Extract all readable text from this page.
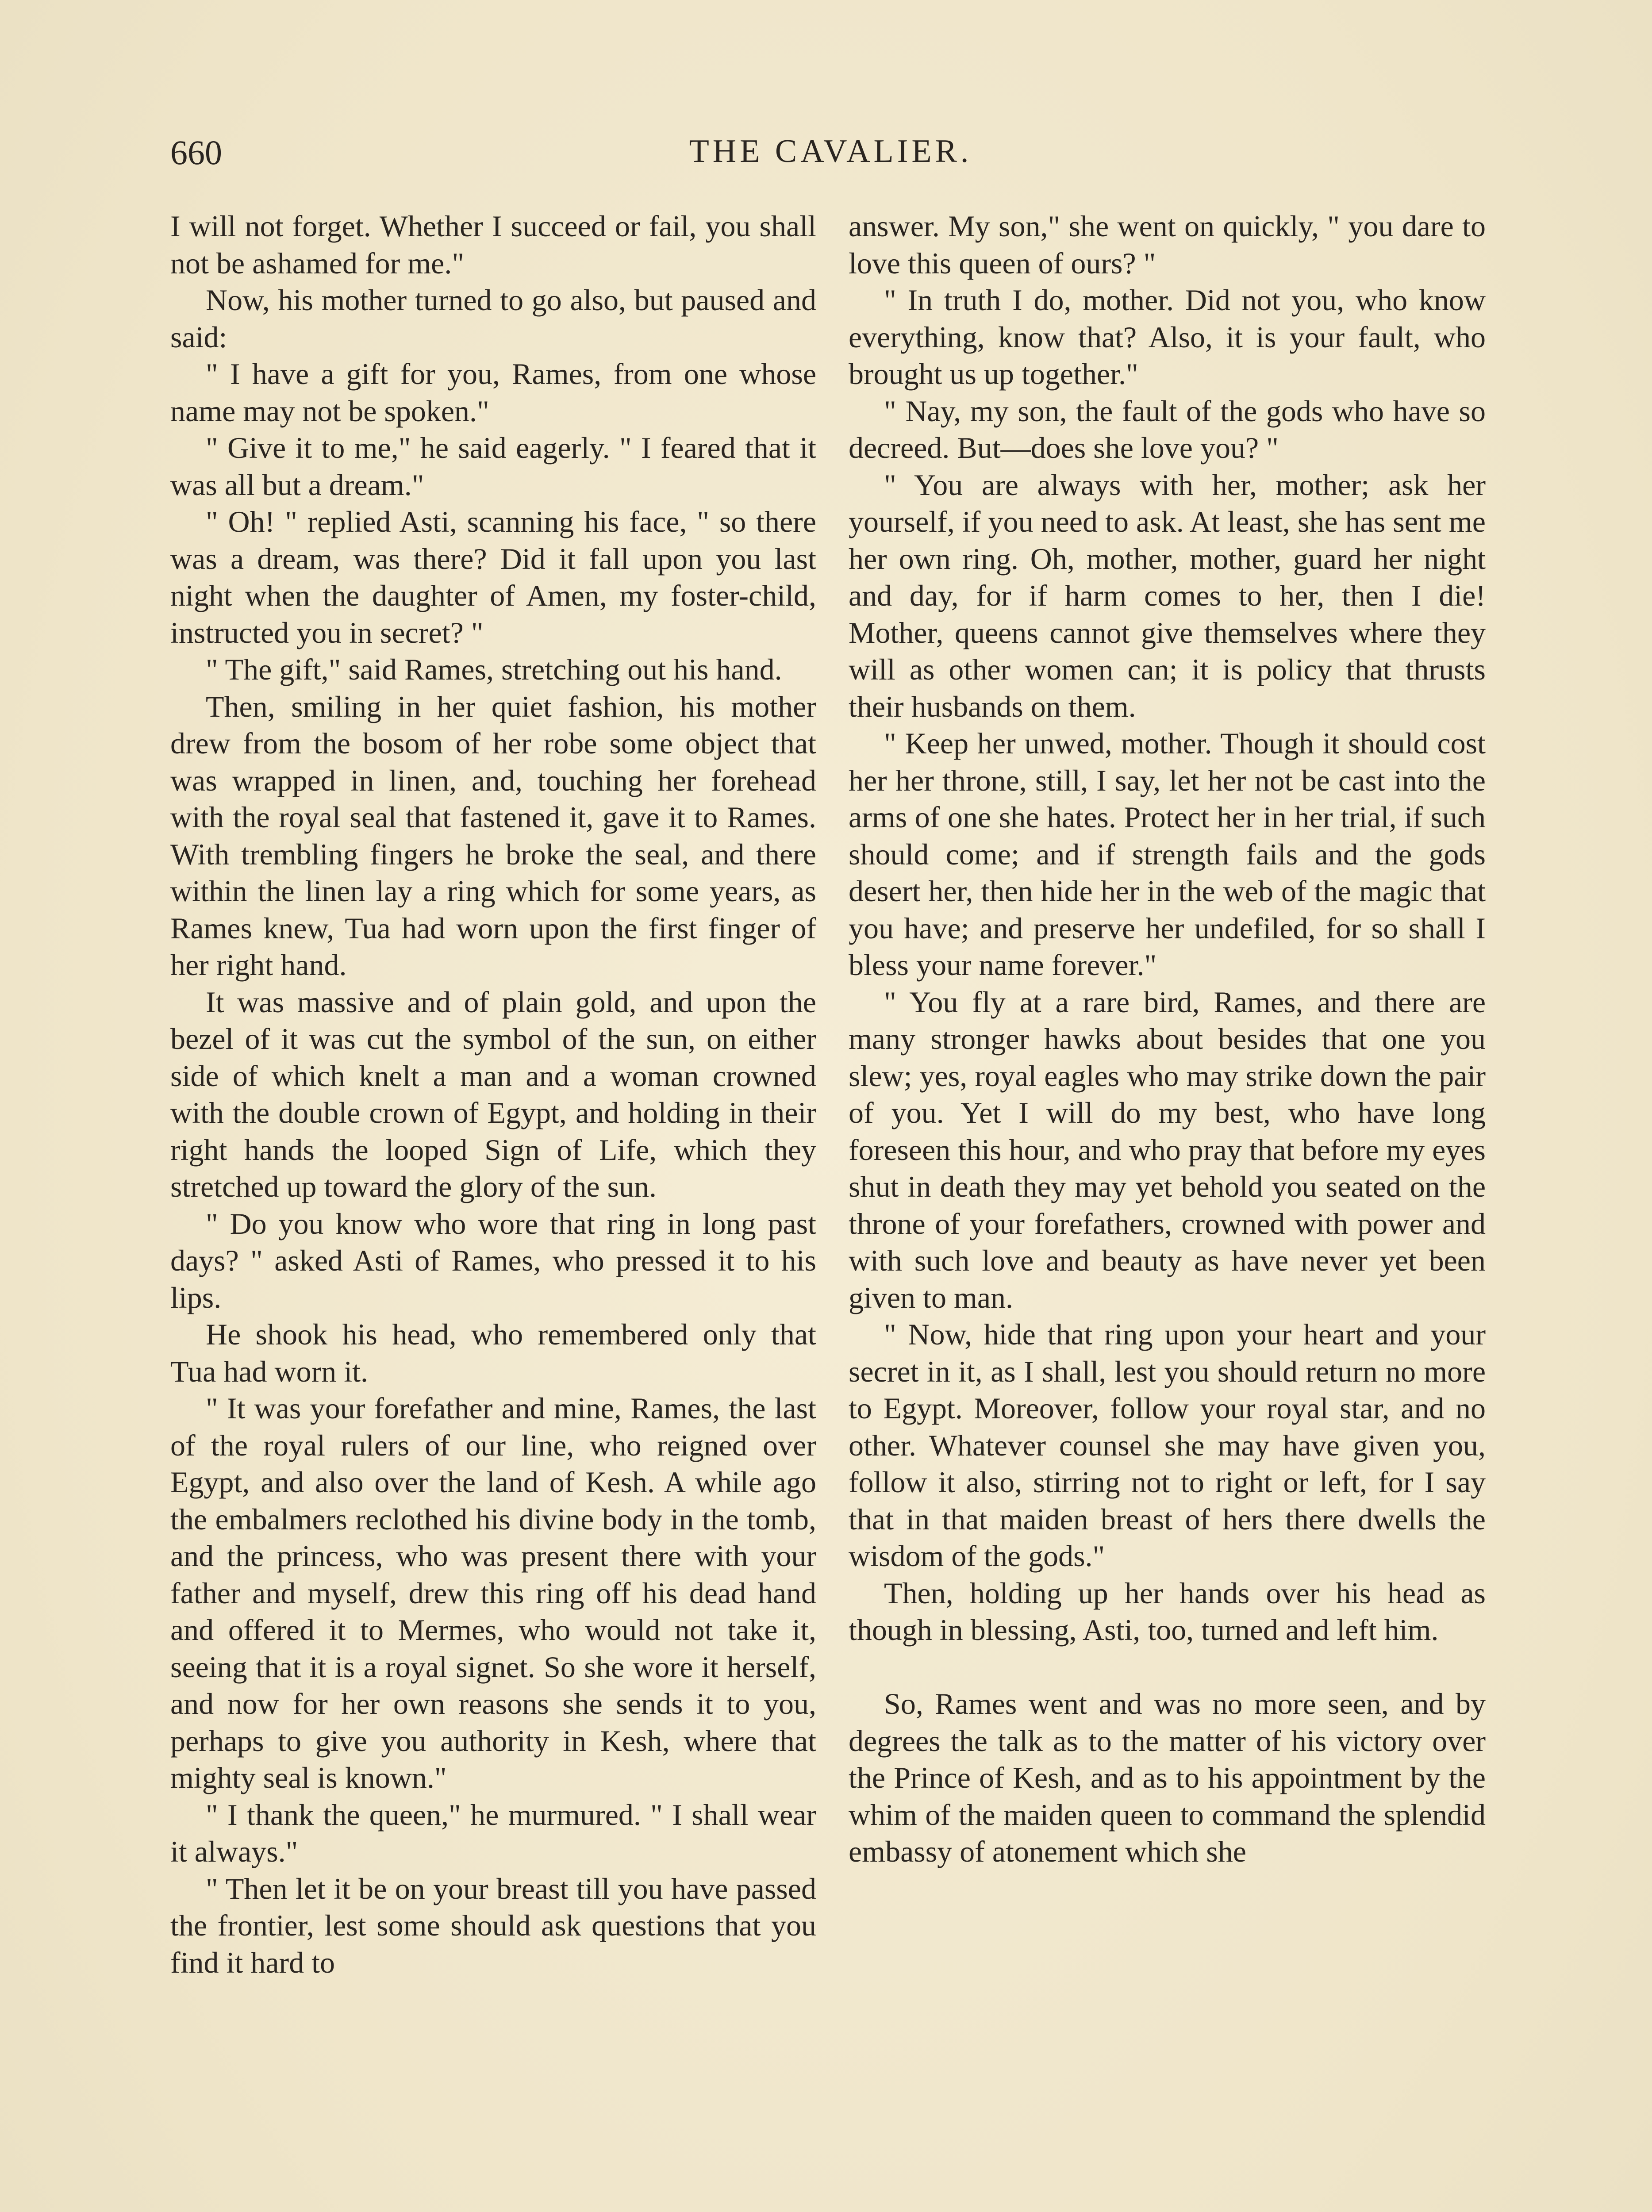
660	THE CAVALIER.

I will not forget. Whether I succeed or fail, you shall not be ashamed for me."

Now, his mother turned to go also, but paused and said:

" I have a gift for you, Rames, from one whose name may not be spoken."

" Give it to me," he said eagerly. " I feared that it was all but a dream."

" Oh! " replied Asti, scanning his face, " so there was a dream, was there? Did it fall upon you last night when the daughter of Amen, my foster-child, instructed you in secret? "

" The gift," said Rames, stretching out his hand.

Then, smiling in her quiet fashion, his mother drew from the bosom of her robe some object that was wrapped in linen, and, touching her forehead with the royal seal that fastened it, gave it to Rames. With trembling fingers he broke the seal, and there within the linen lay a ring which for some years, as Rames knew, Tua had worn upon the first finger of her right hand.

It was massive and of plain gold, and upon the bezel of it was cut the symbol of the sun, on either side of which knelt a man and a woman crowned with the double crown of Egypt, and holding in their right hands the looped Sign of Life, which they stretched up toward the glory of the sun.

" Do you know who wore that ring in long past days? " asked Asti of Rames, who pressed it to his lips.

He shook his head, who remembered only that Tua had worn it.

" It was your forefather and mine, Rames, the last of the royal rulers of our line, who reigned over Egypt, and also over the land of Kesh. A while ago the embalmers reclothed his divine body in the tomb, and the princess, who was present there with your father and myself, drew this ring off his dead hand and offered it to Mermes, who would not take it, seeing that it is a royal signet. So she wore it herself, and now for her own reasons she sends it to you, perhaps to give you authority in Kesh, where that mighty seal is known."

" I thank the queen," he murmured. " I shall wear it always."

" Then let it be on your breast till you have passed the frontier, lest some should ask questions that you find it hard to

answer. My son," she went on quickly, " you dare to love this queen of ours? "

" In truth I do, mother. Did not you, who know everything, know that? Also, it is your fault, who brought us up together."

" Nay, my son, the fault of the gods who have so decreed. But—does she love you? "

" You are always with her, mother; ask her yourself, if you need to ask. At least, she has sent me her own ring. Oh, mother, mother, guard her night and day, for if harm comes to her, then I die! Mother, queens cannot give themselves where they will as other women can; it is policy that thrusts their husbands on them.

" Keep her unwed, mother. Though it should cost her her throne, still, I say, let her not be cast into the arms of one she hates. Protect her in her trial, if such should come; and if strength fails and the gods desert her, then hide her in the web of the magic that you have; and preserve her undefiled, for so shall I bless your name forever."

" You fly at a rare bird, Rames, and there are many stronger hawks about besides that one you slew; yes, royal eagles who may strike down the pair of you. Yet I will do my best, who have long foreseen this hour, and who pray that before my eyes shut in death they may yet behold you seated on the throne of your forefathers, crowned with power and with such love and beauty as have never yet been given to man.

" Now, hide that ring upon your heart and your secret in it, as I shall, lest you should return no more to Egypt. Moreover, follow your royal star, and no other. Whatever counsel she may have given you, follow it also, stirring not to right or left, for I say that in that maiden breast of hers there dwells the wisdom of the gods."

Then, holding up her hands over his head as though in blessing, Asti, too, turned and left him.

So, Rames went and was no more seen, and by degrees the talk as to the matter of his victory over the Prince of Kesh, and as to his appointment by the whim of the maiden queen to command the splendid embassy of atonement which she
